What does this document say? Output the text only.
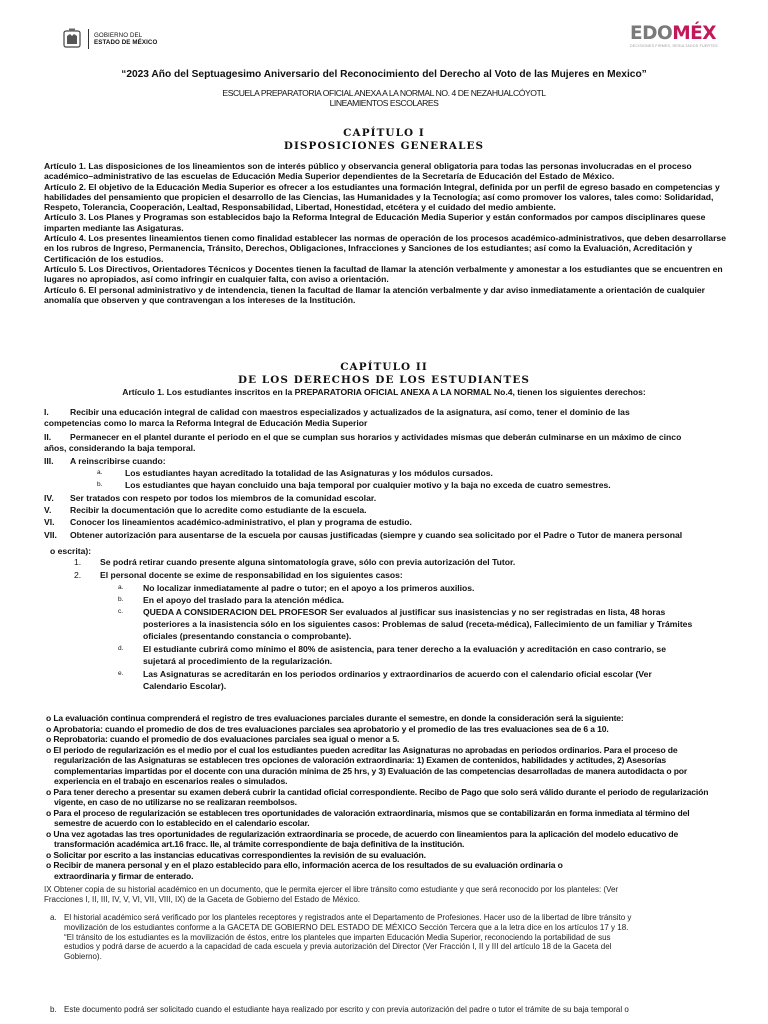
GOBIERNO DEL
ESTADO DE MÉXICO	EDOMÉX
DECISIONES FIRMES, RESULTADOS FUERTES.
“2023 Año del Septuagesimo Aniversario del Reconocimiento del Derecho al Voto de las Mujeres en Mexico”
ESCUELA PREPARATORIA OFICIAL ANEXA A LA NORMAL NO. 4 DE NEZAHUALCÓYOTL
LINEAMIENTOS ESCOLARES
CAPÍTULO I
DISPOSICIONES GENERALES

Artículo 1. Las disposiciones de los lineamientos son de interés público y observancia general obligatoria para todas las personas involucradas en el proceso académico–administrativo de las escuelas de Educación Media Superior dependientes de la Secretaría de Educación del Estado de México.

Artículo 2. El objetivo de la Educación Media Superior es ofrecer a los estudiantes una formación Integral, definida por un perfil de egreso basado en competencias y habilidades del pensamiento que propicien el desarrollo de las Ciencias, las Humanidades y la Tecnología; así como promover los valores, tales como: Solidaridad, Respeto, Tolerancia, Cooperación, Lealtad, Responsabilidad, Libertad, Honestidad, etcétera y el cuidado del medio ambiente.

Artículo 3. Los Planes y Programas son establecidos bajo la Reforma Integral de Educación Media Superior y están conformados por campos disciplinares quese imparten mediante las Asigaturas.

Artículo 4. Los presentes lineamientos tienen como finalidad establecer las normas de operación de los procesos académico-administrativos, que deben desarrollarse en los rubros de Ingreso, Permanencia, Tránsito, Derechos, Obligaciones, Infracciones y Sanciones de los estudiantes; así como la Evaluación, Acreditación y Certificación de los estudios.

Artículo 5. Los Directivos, Orientadores Técnicos y Docentes tienen la facultad de llamar la atención verbalmente y amonestar a los estudiantes que se encuentren en lugares no apropiados, así como infringir en cualquier falta, con aviso a orientación.

Artículo 6. El personal administrativo y de intendencia, tienen la facultad de llamar la atención verbalmente y dar aviso inmediatamente a orientación de cualquier anomalía que observen y que contravengan a los intereses de la Institución.

CAPÍTULO II
DE LOS DERECHOS DE LOS ESTUDIANTES
Artículo 1. Los estudiantes inscritos en la PREPARATORIA OFICIAL ANEXA A LA NORMAL No.4, tienen los siguientes derechos:
I. Recibir una educación integral de calidad con maestros especializados y actualizados de la asignatura, así como, tener el dominio de las
competencias como lo marca la Reforma Integral de Educación Media Superior
II. Permanecer en el plantel durante el periodo en el que se cumplan sus horarios y actividades mismas que deberán culminarse en un máximo de cinco
años, considerando la baja temporal.
III. A reinscribirse cuando:
a.	Los estudiantes hayan acreditado la totalidad de las Asignaturas y los módulos cursados.
b.	Los estudiantes que hayan concluido una baja temporal por cualquier motivo y la baja no exceda de cuatro semestres.
IV. Ser tratados con respeto por todos los miembros de la comunidad escolar.
V. Recibir la documentación que lo acredite como estudiante de la escuela.
VI. Conocer los lineamientos académico-administrativo, el plan y programa de estudio.
VII. Obtener autorización para ausentarse de la escuela por causas justificadas (siempre y cuando sea solicitado por el Padre o Tutor de manera personal
o escrita):
1. Se podrá retirar cuando presente alguna sintomatología grave, sólo con previa autorización del Tutor.
2. El personal docente se exime de responsabilidad en los siguientes casos:
a. No localizar inmediatamente al padre o tutor; en el apoyo a los primeros auxilios.
b. En el apoyo del traslado para la atención médica.
c. QUEDA A CONSIDERACION DEL PROFESOR Ser evaluados al justificar sus inasistencias y no ser registradas en lista, 48 horas
posteriores a la inasistencia sólo en los siguientes casos: Problemas de salud (receta-médica), Fallecimiento de un familiar y Trámites
oficiales (presentando constancia o comprobante).
d. El estudiante cubrirá como mínimo el 80% de asistencia, para tener derecho a la evaluación y acreditación en caso contrario, se
sujetará al procedimiento de la regularización.
e. Las Asignaturas se acreditarán en los periodos ordinarios y extraordinarios de acuerdo con el calendario oficial escolar (Ver
Calendario Escolar).

o La evaluación continua comprenderá el registro de tres evaluaciones parciales durante el semestre, en donde la consideración será la siguiente:

o Aprobatoria: cuando el promedio de dos de tres evaluaciones parciales sea aprobatorio y el promedio de las tres evaluaciones sea de 6 a 10.

o Reprobatoria: cuando el promedio de dos evaluaciones parciales sea igual o menor a 5.

o El periodo de regularización es el medio por el cual los estudiantes pueden acreditar las Asignaturas no aprobadas en periodos ordinarios. Para el proceso de

regularización de las Asignaturas se establecen tres opciones de valoración extraordinaria: 1) Examen de contenidos, habilidades y actitudes, 2) Asesorías

complementarias impartidas por el docente con una duración mínima de 25 hrs, y 3) Evaluación de las competencias desarrolladas de manera autodidacta o por

experiencia en el trabajo en escenarios reales o simulados.

o Para tener derecho a presentar su examen deberá cubrir la cantidad oficial correspondiente. Recibo de Pago que solo será válido durante el periodo de regularización

vigente, en caso de no utilizarse no se realizaran reembolsos.

o Para el proceso de regularización se establecen tres oportunidades de valoración extraordinaria, mismos que se contabilizarán en forma inmediata al término del

semestre de acuerdo con lo establecido en el calendario escolar.

o Una vez agotadas las tres oportunidades de regularización extraordinaria se procede, de acuerdo con lineamientos para la aplicación del modelo educativo de

transformación académica art.16 fracc. IIe, al trámite correspondiente de baja definitiva de la institución.

o Solicitar por escrito a las instancias educativas correspondientes la revisión de su evaluación.

o Recibir de manera personal y en el plazo establecido para ello, información acerca de los resultados de su evaluación ordinaria o

extraordinaria y firmar de enterado.

IX Obtener copia de su historial académico en un documento, que le permita ejercer el libre tránsito como estudiante y que será reconocido por los planteles: (Ver

Fracciones I, II, III, IV, V, VI, VII, VIII, IX) de la Gaceta de Gobierno del Estado de México.

a. El historial académico será verificado por los planteles receptores y registrados ante el Departamento de Profesiones. Hacer uso de la libertad de libre tránsito y

movilización de los estudiantes conforme a la GACETA DE GOBIERNO DEL ESTADO DE MÉXICO Sección Tercera que a la letra dice en los artículos 17 y 18.

“El tránsito de los estudiantes es la movilización de éstos, entre los planteles que imparten Educación Media Superior, reconociendo la portabilidad de sus

estudios y podrá darse de acuerdo a la capacidad de cada escuela y previa autorización del Director (Ver Fracción I, II y III del artículo 18 de la Gaceta del

Gobierno).

b. Este documento podrá ser solicitado cuando el estudiante haya realizado por escrito y con previa autorización del padre o tutor el trámite de su baja temporal o
